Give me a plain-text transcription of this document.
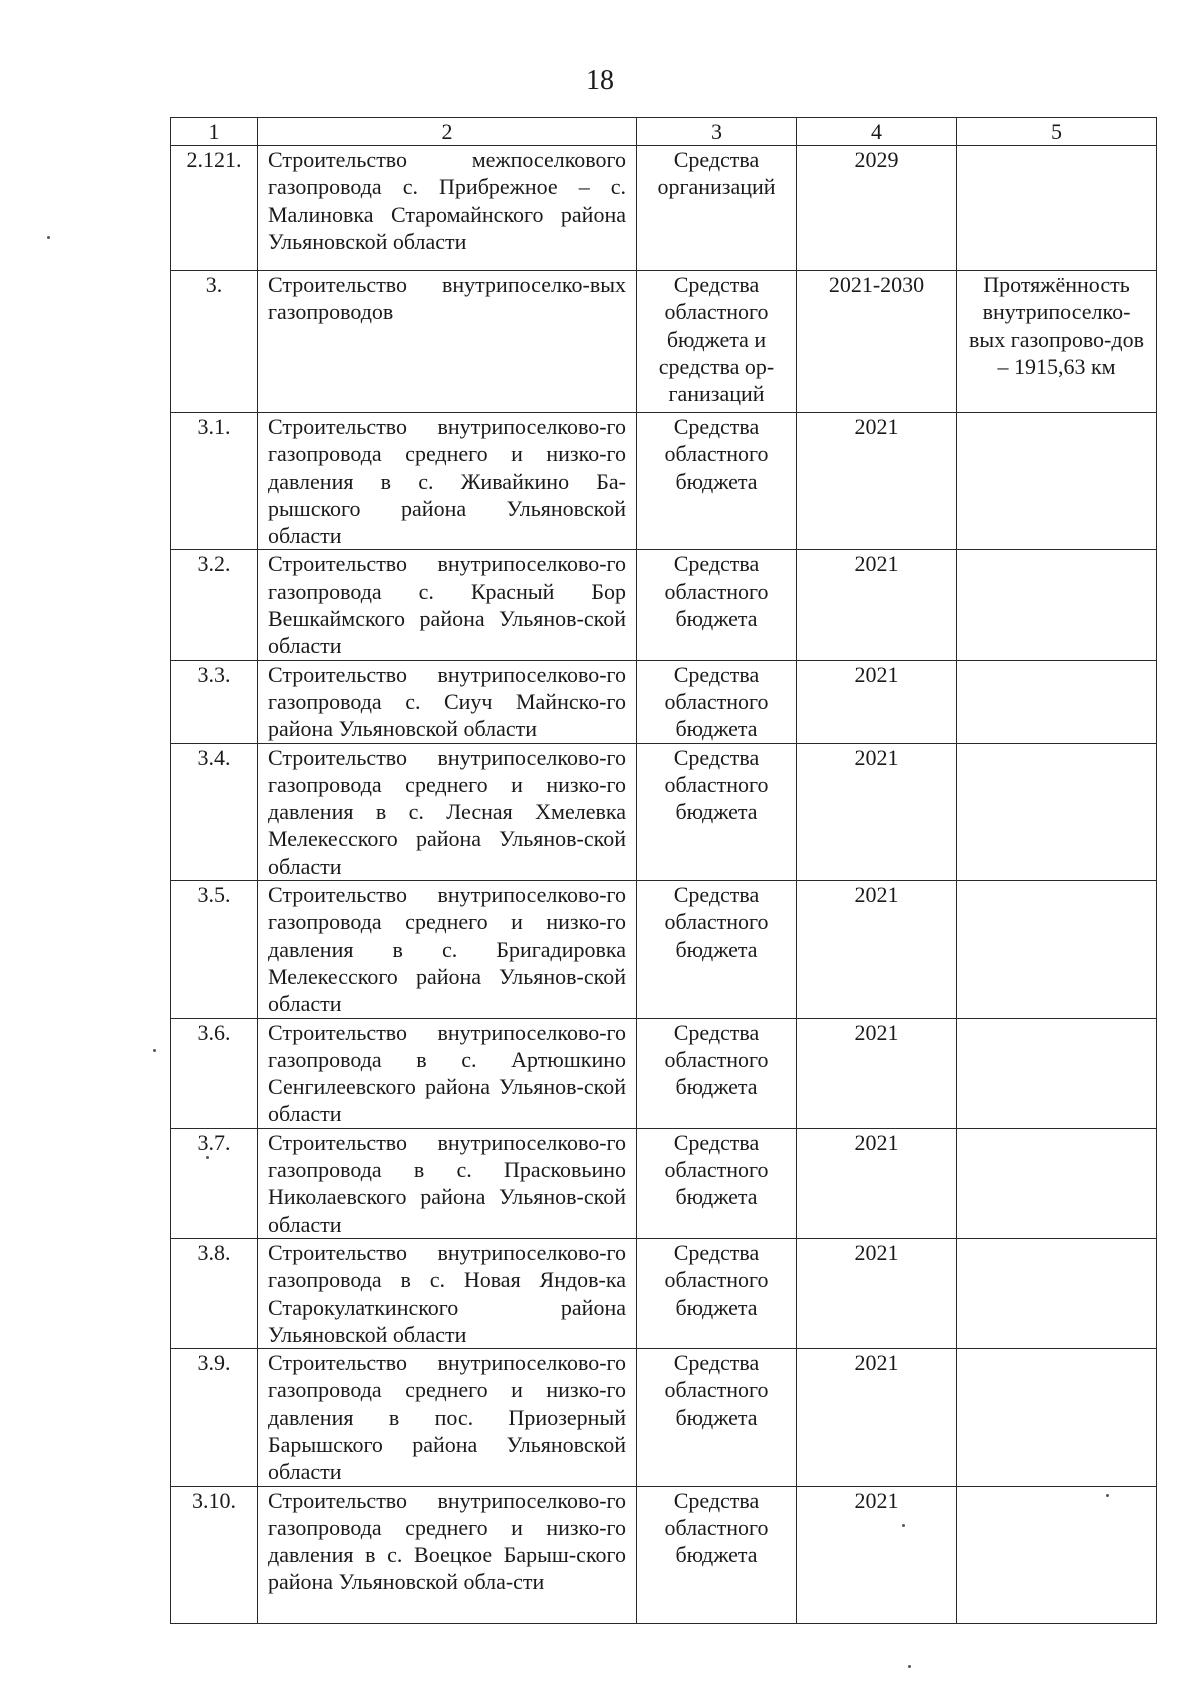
18
1	2	3	4	5
2.121.	Строительство межпоселкового газопровода с. Прибрежное – с. Малиновка Старомайнского района Ульяновской области	Средства организаций	2029	
3.	Строительство внутрипоселко-вых газопроводов	Средства областного бюджета и средства ор-ганизаций	2021-2030	Протяжённость внутрипоселко-вых газопрово-дов – 1915,63 км
3.1.	Строительство внутрипоселково-го газопровода среднего и низко-го давления в с. Живайкино Ба-рышского района Ульяновской области	Средства областного бюджета	2021	
3.2.	Строительство внутрипоселково-го газопровода с. Красный Бор Вешкаймского района Ульянов-ской области	Средства областного бюджета	2021	
3.3.	Строительство внутрипоселково-го газопровода с. Сиуч Майнско-го района Ульяновской области	Средства областного бюджета	2021	
3.4.	Строительство внутрипоселково-го газопровода среднего и низко-го давления в с. Лесная Хмелевка Мелекесского района Ульянов-ской области	Средства областного бюджета	2021	
3.5.	Строительство внутрипоселково-го газопровода среднего и низко-го давления в с. Бригадировка Мелекесского района Ульянов-ской области	Средства областного бюджета	2021	
3.6.	Строительство внутрипоселково-го газопровода в с. Артюшкино Сенгилеевского района Ульянов-ской области	Средства областного бюджета	2021	
3.7.	Строительство внутрипоселково-го газопровода в с. Прасковьино Николаевского района Ульянов-ской области	Средства областного бюджета	2021	
3.8.	Строительство внутрипоселково-го газопровода в с. Новая Яндов-ка Старокулаткинского района Ульяновской области	Средства областного бюджета	2021	
3.9.	Строительство внутрипоселково-го газопровода среднего и низко-го давления в пос. Приозерный Барышского района Ульяновской области	Средства областного бюджета	2021	
3.10.	Строительство внутрипоселково-го газопровода среднего и низко-го давления в с. Воецкое Барыш-ского района Ульяновской обла-сти	Средства областного бюджета	2021	
